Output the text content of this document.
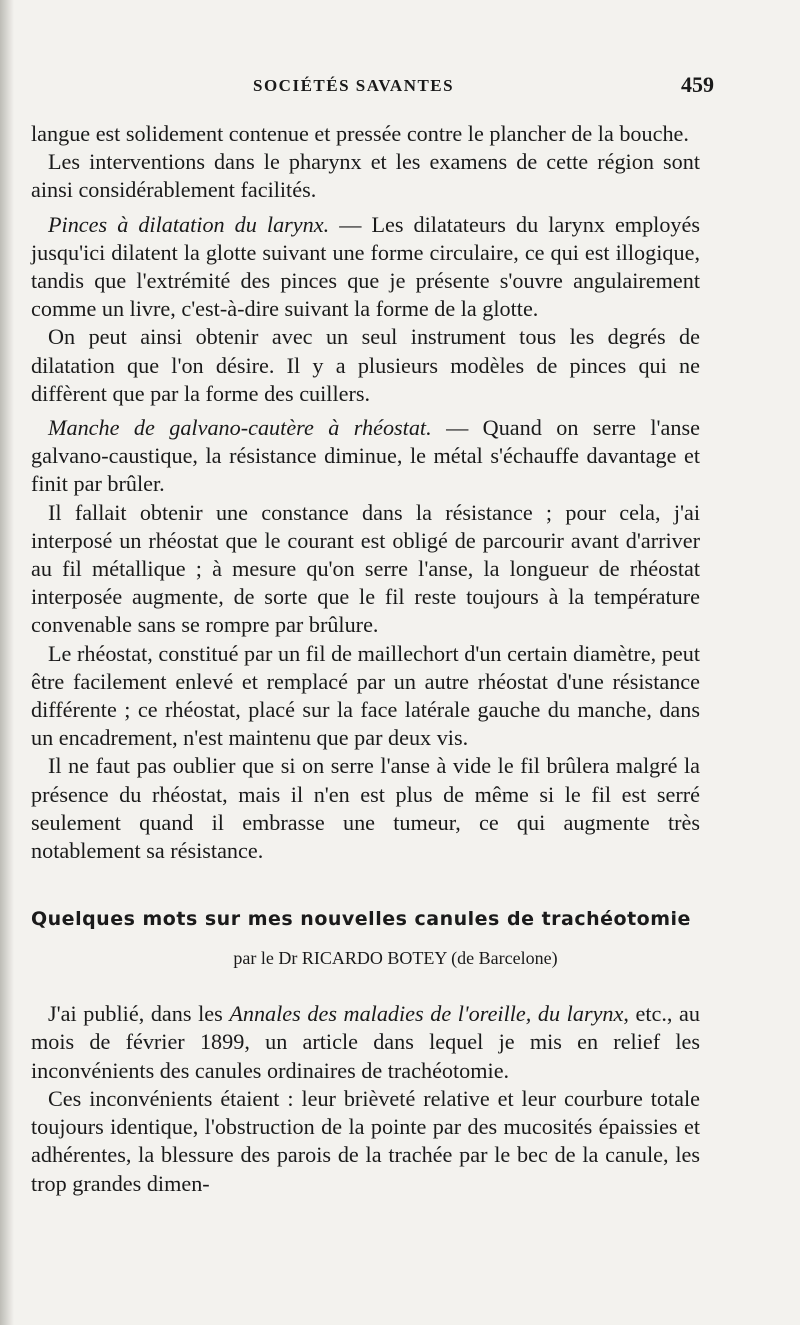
SOCIÉTÉS SAVANTES	459

langue est solidement contenue et pressée contre le plancher de la bouche.

Les interventions dans le pharynx et les examens de cette région sont ainsi considérablement facilités.

Pinces à dilatation du larynx. — Les dilatateurs du larynx employés jusqu'ici dilatent la glotte suivant une forme circulaire, ce qui est illogique, tandis que l'extrémité des pinces que je présente s'ouvre angulairement comme un livre, c'est-à-dire suivant la forme de la glotte.

On peut ainsi obtenir avec un seul instrument tous les degrés de dilatation que l'on désire. Il y a plusieurs modèles de pinces qui ne diffèrent que par la forme des cuillers.

Manche de galvano-cautère à rhéostat. — Quand on serre l'anse galvano-caustique, la résistance diminue, le métal s'échauffe davantage et finit par brûler.

Il fallait obtenir une constance dans la résistance ; pour cela, j'ai interposé un rhéostat que le courant est obligé de parcourir avant d'arriver au fil métallique ; à mesure qu'on serre l'anse, la longueur de rhéostat interposée augmente, de sorte que le fil reste toujours à la température convenable sans se rompre par brûlure.

Le rhéostat, constitué par un fil de maillechort d'un certain diamètre, peut être facilement enlevé et remplacé par un autre rhéostat d'une résistance différente ; ce rhéostat, placé sur la face latérale gauche du manche, dans un encadrement, n'est maintenu que par deux vis.

Il ne faut pas oublier que si on serre l'anse à vide le fil brûlera malgré la présence du rhéostat, mais il n'en est plus de même si le fil est serré seulement quand il embrasse une tumeur, ce qui augmente très notablement sa résistance.

Quelques mots sur mes nouvelles canules de trachéotomie
par le Dr RICARDO BOTEY (de Barcelone)

J'ai publié, dans les Annales des maladies de l'oreille, du larynx, etc., au mois de février 1899, un article dans lequel je mis en relief les inconvénients des canules ordinaires de trachéotomie.

Ces inconvénients étaient : leur brièveté relative et leur courbure totale toujours identique, l'obstruction de la pointe par des mucosités épaissies et adhérentes, la blessure des parois de la trachée par le bec de la canule, les trop grandes dimen-
